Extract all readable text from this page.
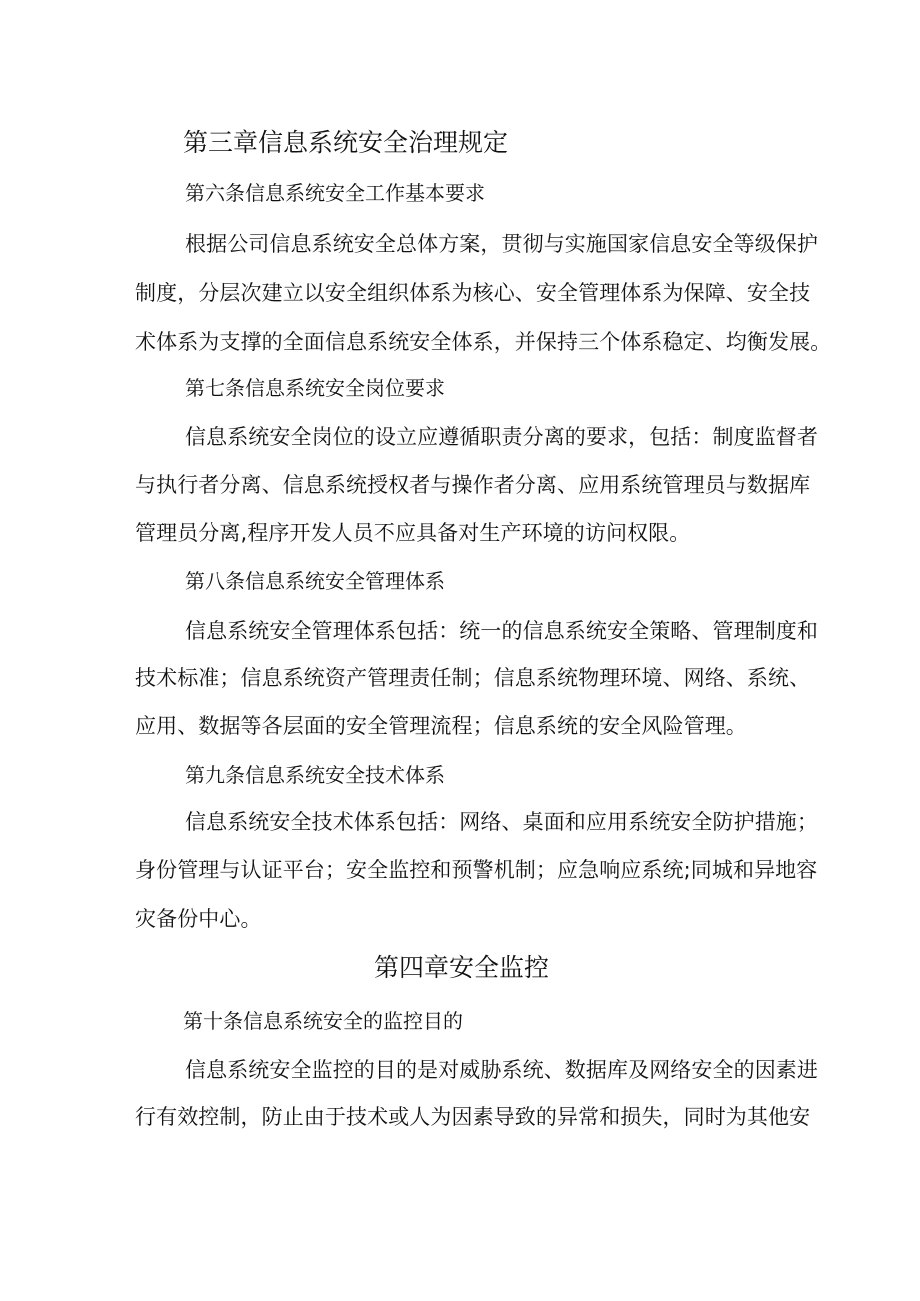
第三章信息系统安全治理规定
第六条信息系统安全工作基本要求
根据公司信息系统安全总体方案，贯彻与实施国家信息安全等级保护
制度，分层次建立以安全组织体系为核心、安全管理体系为保障、安全技
术体系为支撑的全面信息系统安全体系，并保持三个体系稳定、均衡发展。
第七条信息系统安全岗位要求
信息系统安全岗位的设立应遵循职责分离的要求，包括：制度监督者
与执行者分离、信息系统授权者与操作者分离、应用系统管理员与数据库
管理员分离,程序开发人员不应具备对生产环境的访问权限。
第八条信息系统安全管理体系
信息系统安全管理体系包括：统一的信息系统安全策略、管理制度和
技术标准；信息系统资产管理责任制；信息系统物理环境、网络、系统、
应用、数据等各层面的安全管理流程；信息系统的安全风险管理。
第九条信息系统安全技术体系
信息系统安全技术体系包括：网络、桌面和应用系统安全防护措施；
身份管理与认证平台；安全监控和预警机制；应急响应系统;同城和异地容
灾备份中心。
第四章安全监控
第十条信息系统安全的监控目的
信息系统安全监控的目的是对威胁系统、数据库及网络安全的因素进
行有效控制，防止由于技术或人为因素导致的异常和损失，同时为其他安
